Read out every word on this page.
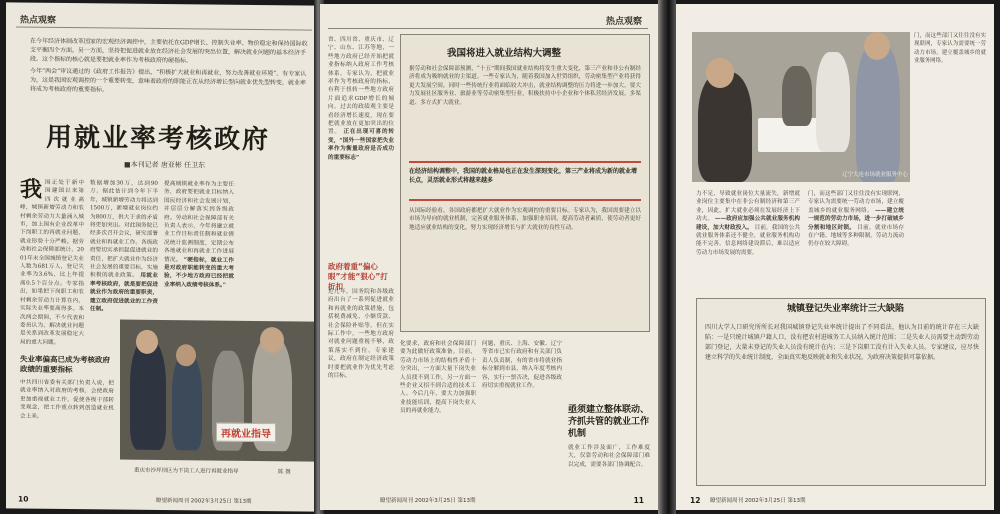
热点观察
在今年经济体制改革国家的宏观经济调控中，主要依托在GDP增长、控制失业率、物价稳定和保持国际收支平衡四个方面，另一方面，坚持把促进就业放在经济社会发展的突出位置，解决就业问题的基本经济手段。这个指标的核心就是要把就业率作为考核政府的硬指标。
今年“两会”审议通过的《政府工作报告》提出，“积极扩大就业和再就业，努力改善就业环境”。有专家认为，这是我国宏观调控的一个重要转变，意味着政府的职能正在从经济增长型向就业优先型转变，就业率将成为考核政府的重要指标。
用就业率考核政府
■本刊记者 唐亚彬 任卫东
我 国正处于新中国建国以来第四次就业高峰，城镇新增劳动力和农村剩余劳动力大量涌入城市，加上国有企业改革中下岗职工的再就业问题，就业形势十分严峻。据劳动和社会保障部统计，2001年末全国城镇登记失业人数为681万人，登记失业率为3.6%，比上年提高0.5个百分点。专家指出，如果把下岗职工和农村剩余劳动力计算在内，实际失业率要高得多。本次两会期间，不少代表和委员认为，解决就业问题是关系到改革发展稳定大局的重大问题。
数据增加30万，达到90万，据此估计到今年下半年，城镇新增劳动力将达到1500万，新增就业岗位约为800万，供大于求的矛盾将更加突出。对此国务院已经多次召开会议，研究部署就业和再就业工作。各级政府要切实承担起促进就业的责任，把扩大就业作为经济社会发展的重要目标，实施积极的就业政策。 用就业率考核政府，就是要把促进就业作为政府的重要职责，建立政府促进就业的工作责任制。
提高城镇就业率作为主要任务，政府要把就业目标纳入国民经济和社会发展计划，并层层分解落实到各级政府。劳动和社会保障部有关负责人表示，今年将建立就业工作目标责任制和就业情况统计监测制度，定期公布各地就业和再就业工作进展情况。 “硬指标，就业工作是对政府职能转变的重大考验，不少地方政府已经把就业率纳入政绩考核体系。”
再就业指导
失业率偏高已成为考核政府政绩的重要指标
中共四川省委有关部门负责人说，把就业率纳入对政府的考核，会使政府更加重视就业工作，促使各级干部转变观念，把工作重点转到创造就业机会上来。
重庆市沙坪坝区为下岗工人进行再就业指导	陈 摄
10	瞭望新闻周刊 2002年3月25日 第13期
热点观察
省、四川省、重庆市、辽宁、山东、江苏等地，一些地方政府已经开始把就业指标纳入政府工作考核体系。专家认为，把就业率作为考核政府的指标，有利于扭转一些地方政府片面追求GDP增长的倾向。过去的政绩观主要是看经济增长速度，现在要把就业放在更加突出的位置。 正在出现可喜的转变，“国外一些国家把失业率作为衡量政府是否成功的重要标志”
我国将进入就业结构大调整
据劳动和社会保障部预测，“十五”期间我国就业结构将发生重大变化，第三产业和非公有制经济将成为吸纳就业的主渠道。一些专家认为，随着我国加入世贸组织，劳动密集型产业将获得更大发展空间，同时一些传统行业将面临较大冲击，就业结构调整的压力将进一步加大。要大力发展社区服务业、旅游业等劳动密集型行业，积极扶持中小企业和个体私营经济发展，多渠道、多方式扩大就业。
在经济结构调整中，我国的就业格局也正在发生深刻变化，第三产业将成为新的就业增长点，灵活就业形式将越来越多
从国际经验看，各国政府都把扩大就业作为宏观调控的重要目标。专家认为，我国需要建立以市场为导向的就业机制，完善就业服务体系，加强职业培训，提高劳动者素质，使劳动者更好地适应就业结构的变化，努力实现经济增长与扩大就业的良性互动。
政府着重“偏心眼”才能“狠心”打折扣
近几年，国务院和各级政府出台了一系列促进就业和再就业的政策措施，包括税费减免、小额贷款、社会保险补贴等。但在实际工作中，一些地方政府对就业问题重视不够，政策落实不到位。专家建议，政府在制定经济政策时要把就业作为优先考虑的目标。
化要求，政府和社会保障部门要为此做好政策准备。目前，劳动力市场上的结构性矛盾十分突出，一方面大量下岗失业人员找不到工作，另一方面一些企业又招不到合适的技术工人。今后几年，要大力加强职业技能培训，提高下岗失业人员的再就业能力。
问题，重庆、上海、安徽、辽宁等省市已实行政府和有关部门负责人负责制，有的省市将就业指标分解到市县，纳入年度考核内容，实行一票否决，促进各级政府切实重视就业工作。
亟须建立整体联动、齐抓共管的就业工作机制
就业工作涉及面广，工作难度大，仅靠劳动和社会保障部门难以完成，需要各部门协调配合。
瞭望新闻周刊 2002年3月25日 第13期	11
辽宁大连市场就业服务中心
力不足，导致就业岗位大量流失，新增就业岗位主要集中在非公有制经济和第三产业，因此，扩大就业必须在发展经济上下功夫。 ——政府应加强公共就业服务机构建设，加大财政投入。 目前，我国的公共就业服务体系还不健全，就业服务机构功能不完善，信息网络建设滞后，难以适应劳动力市场发展的需要。
门，而这些部门又往往没有实现联网，专家认为需要统一劳动力市场，建立覆盖城乡的就业服务网络。 ——建立统一规范的劳动力市场，进一步打破城乡分割和地区封锁。 目前，就业市场存在户籍、地域等多种限制，劳动力流动仍存在较大障碍。
门，而这些部门又往往没有实现联网，专家认为需要统一劳动力市场，建立覆盖城乡的就业服务网络。
城镇登记失业率统计三大缺陷
四川大学人口研究所所长对我国城镇登记失业率统计提出了不同看法，他认为目前的统计存在三大缺陷：一是只统计城镇户籍人口，没有把农村进城务工人员纳入统计范围；二是失业人员需要主动到劳动部门登记，大量未登记的失业人员没有统计在内；三是下岗职工没有计入失业人员。专家建议，应尽快建立科学的失业统计制度，全面真实地反映就业和失业状况，为政府决策提供可靠依据。
12 瞭望新闻周刊 2002年3月25日 第13期
